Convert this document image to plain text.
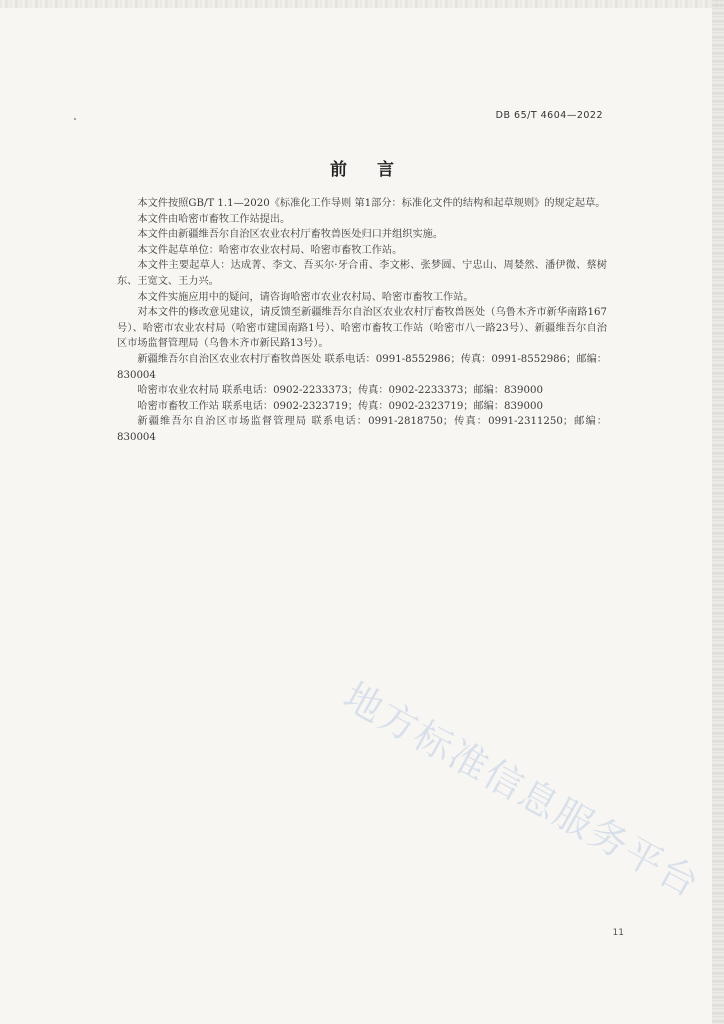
DB 65/T 4604—2022
前言

本文件按照GB/T 1.1—2020《标准化工作导则 第1部分：标准化文件的结构和起草规则》的规定起草。

本文件由哈密市畜牧工作站提出。

本文件由新疆维吾尔自治区农业农村厅畜牧兽医处归口并组织实施。

本文件起草单位：哈密市农业农村局、哈密市畜牧工作站。

本文件主要起草人：达成菁、李文、吾买尔·牙合甫、李文彬、张梦圆、宁忠山、周婪然、潘伊微、蔡树东、王宽文、王力兴。

本文件实施应用中的疑问，请咨询哈密市农业农村局、哈密市畜牧工作站。

对本文件的修改意见建议，请反馈至新疆维吾尔自治区农业农村厅畜牧兽医处（乌鲁木齐市新华南路167号）、哈密市农业农村局（哈密市建国南路1号）、哈密市畜牧工作站（哈密市八一路23号）、新疆维吾尔自治区市场监督管理局（乌鲁木齐市新民路13号）。

新疆维吾尔自治区农业农村厅畜牧兽医处 联系电话：0991-8552986；传真：0991-8552986；邮编：830004

哈密市农业农村局 联系电话：0902-2233373；传真：0902-2233373；邮编：839000

哈密市畜牧工作站 联系电话：0902-2323719；传真：0902-2323719；邮编：839000

新疆维吾尔自治区市场监督管理局 联系电话：0991-2818750；传真：0991-2311250；邮编：830004

地方标准信息服务平台
11
